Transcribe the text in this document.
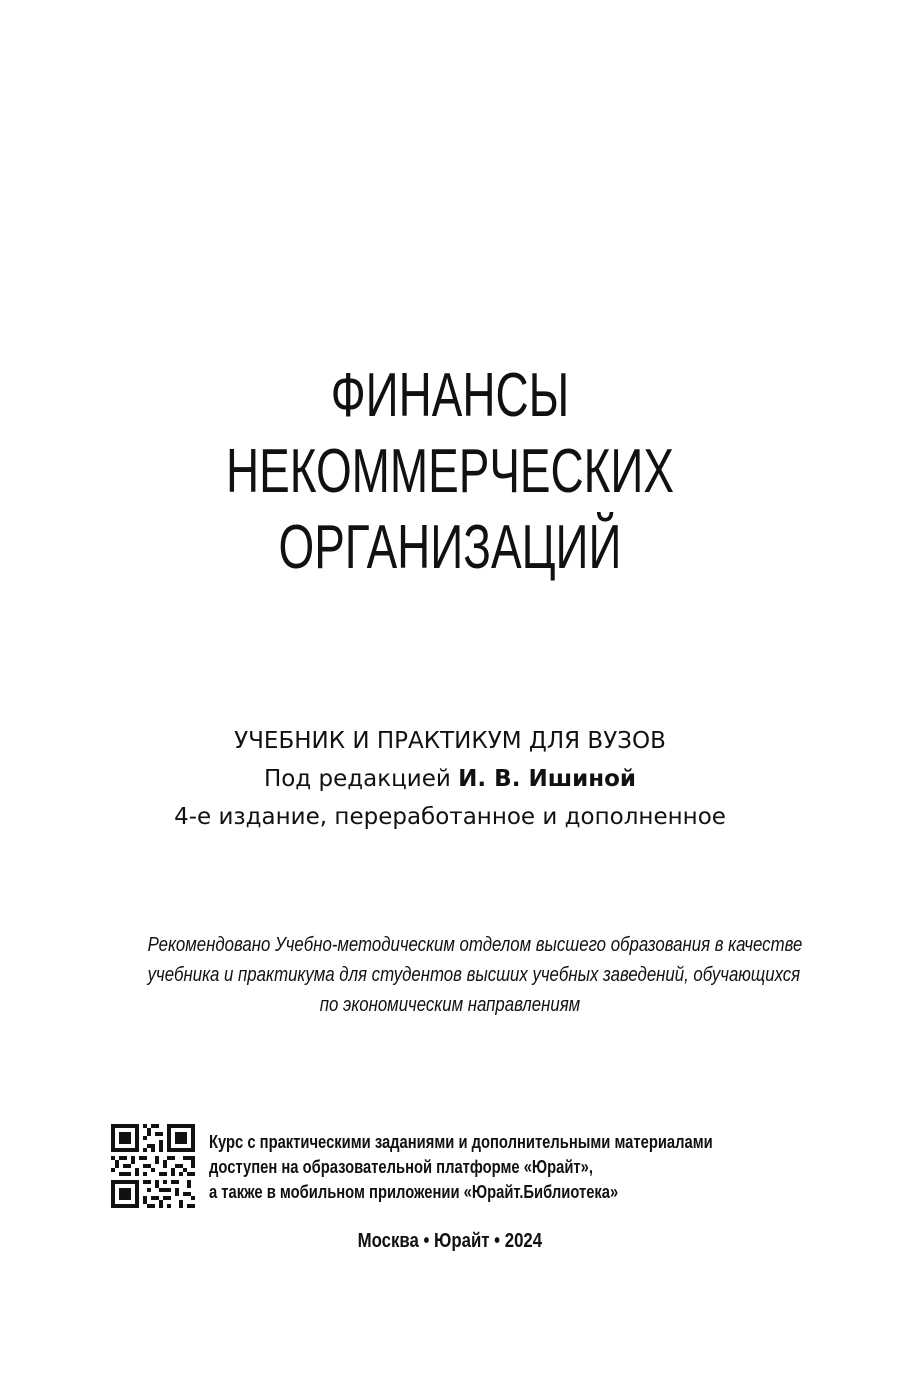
ФИНАНСЫ
НЕКОММЕРЧЕСКИХ
ОРГАНИЗАЦИЙ
УЧЕБНИК И ПРАКТИКУМ ДЛЯ ВУЗОВ
Под редакцией И. В. Ишиной
4-е издание, переработанное и дополненное
Рекомендовано Учебно-методическим отделом высшего образования в качестве
учебника и практикума для студентов высших учебных заведений, обучающихся
по экономическим направлениям
Курс с практическими заданиями и дополнительными материалами
доступен на образовательной платформе «Юрайт»,
а также в мобильном приложении «Юрайт.Библиотека»
Москва • Юрайт • 2024
